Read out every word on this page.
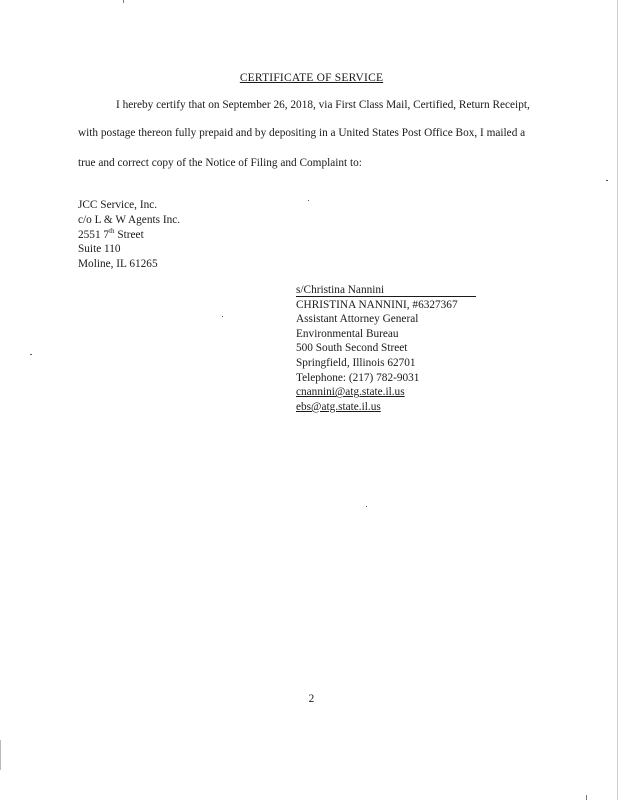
CERTIFICATE OF SERVICE
I hereby certify that on September 26, 2018, via First Class Mail, Certified, Return Receipt,
with postage thereon fully prepaid and by depositing in a United States Post Office Box, I mailed a
true and correct copy of the Notice of Filing and Complaint to:
JCC Service, Inc.
c/o L & W Agents Inc.
2551 7th Street
Suite 110
Moline, IL 61265
s/Christina Nannini
CHRISTINA NANNINI, #6327367
Assistant Attorney General
Environmental Bureau
500 South Second Street
Springfield, Illinois 62701
Telephone: (217) 782-9031
cnannini@atg.state.il.us
ebs@atg.state.il.us
2
